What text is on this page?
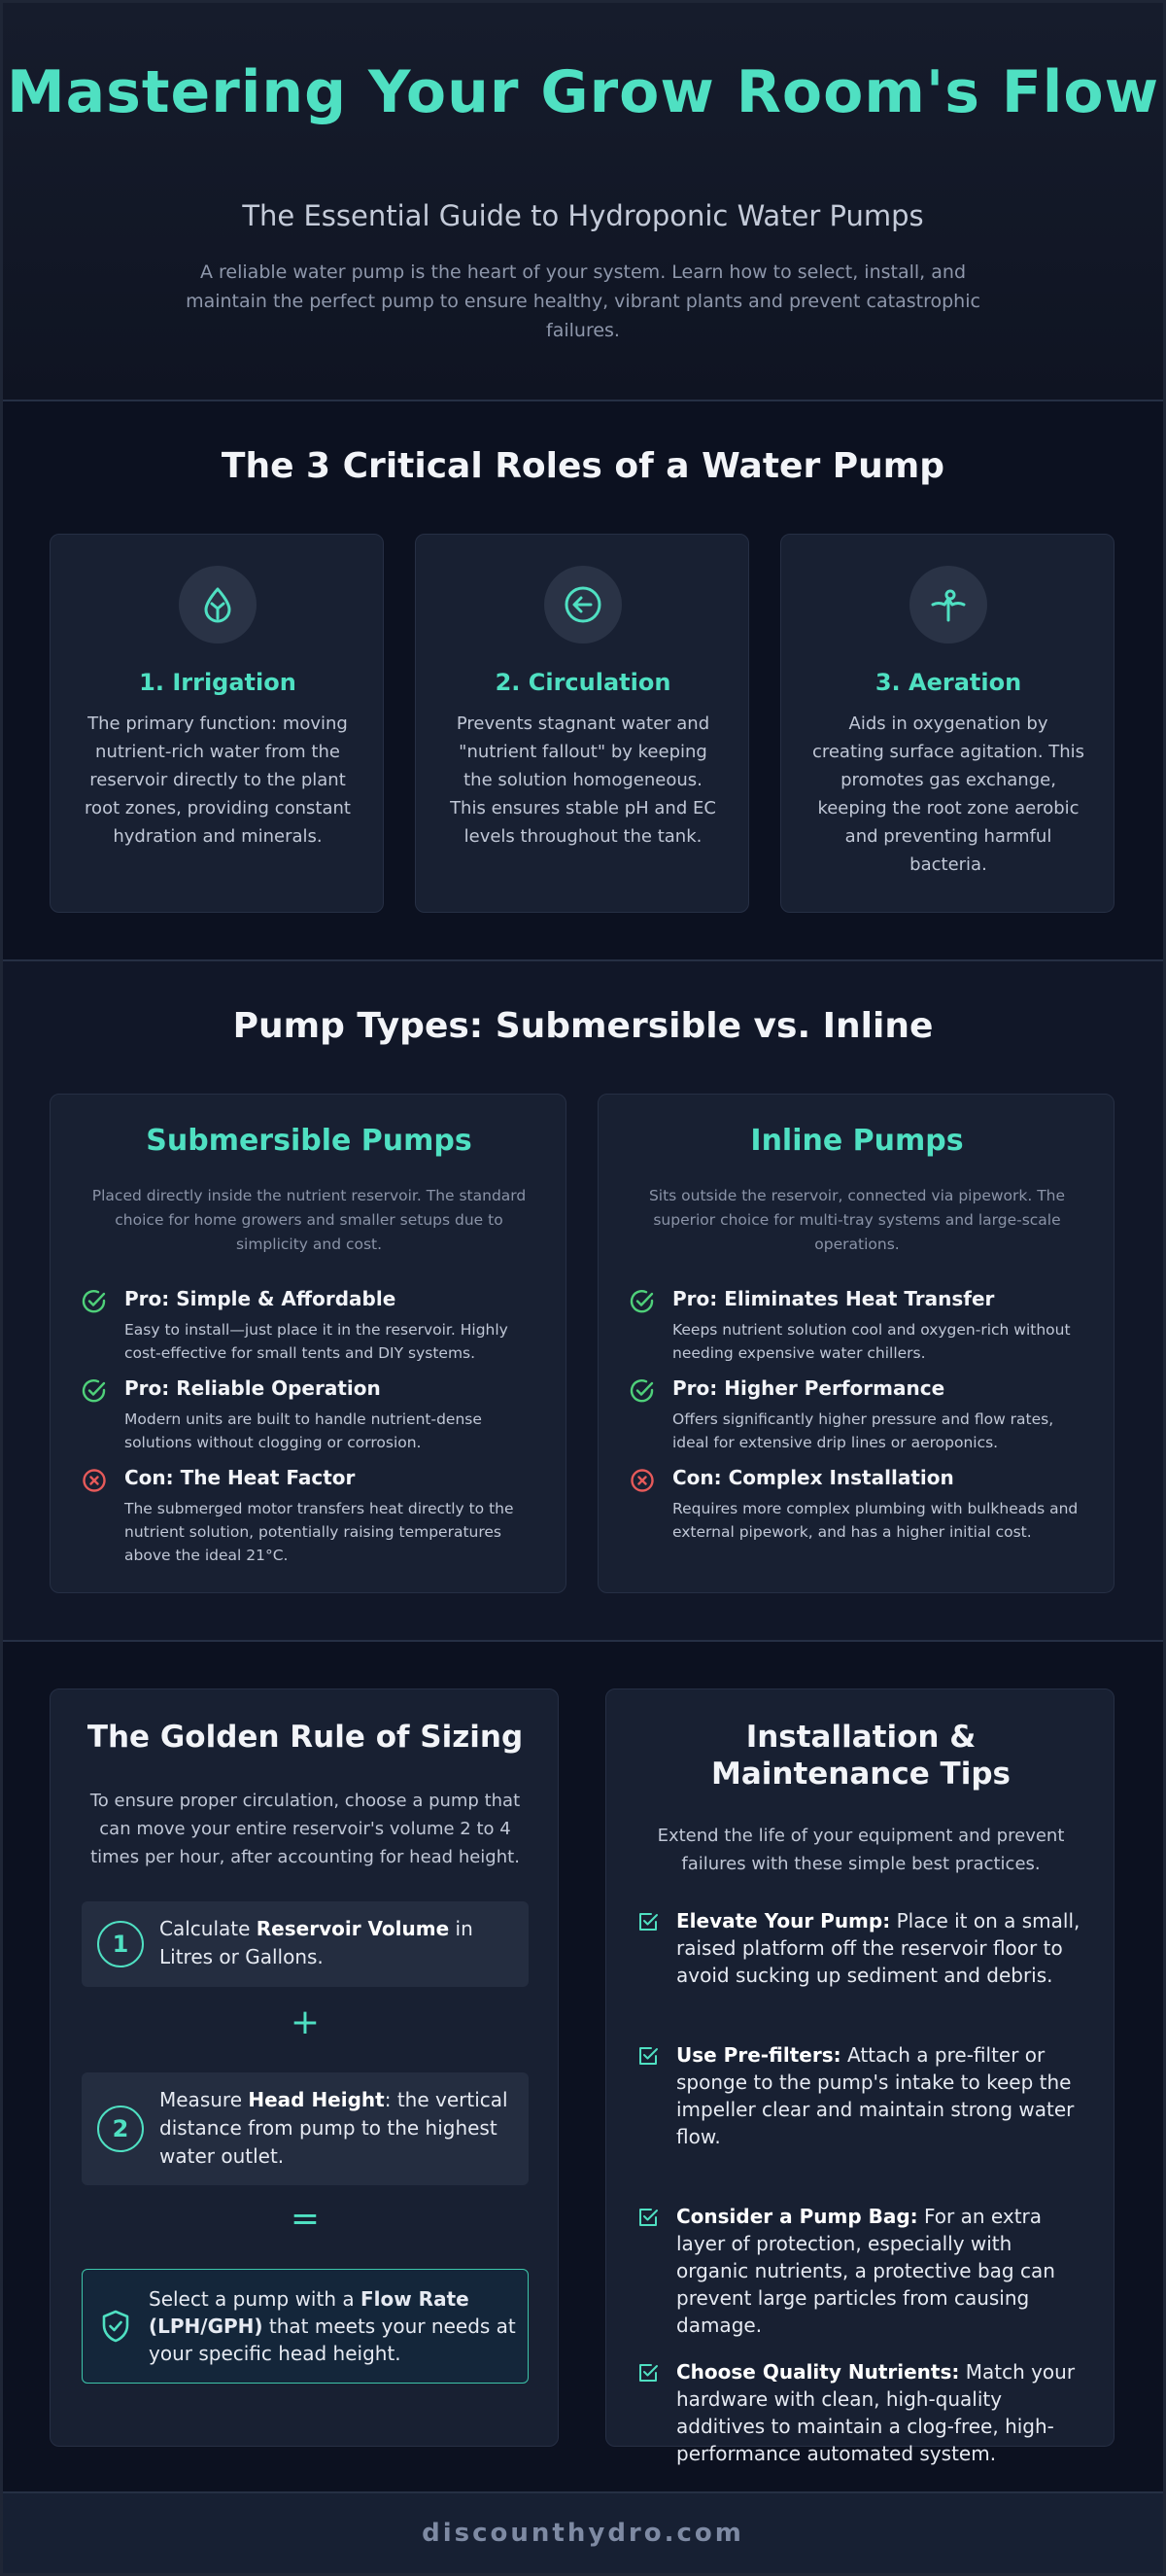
Mastering Your Grow Room's Flow
The Essential Guide to Hydroponic Water Pumps

A reliable water pump is the heart of your system. Learn how to select, install, and maintain the perfect pump to ensure healthy, vibrant plants and prevent catastrophic failures.

The 3 Critical Roles of a Water Pump
1. Irrigation

The primary function: moving nutrient-rich water from the reservoir directly to the plant root zones, providing constant hydration and minerals.

2. Circulation

Prevents stagnant water and "nutrient fallout" by keeping the solution homogeneous. This ensures stable pH and EC levels throughout the tank.

3. Aeration

Aids in oxygenation by creating surface agitation. This promotes gas exchange, keeping the root zone aerobic and preventing harmful bacteria.

Pump Types: Submersible vs. Inline
Submersible Pumps

Placed directly inside the nutrient reservoir. The standard choice for home growers and smaller setups due to simplicity and cost.

Pro: Simple & Affordable
Easy to install—just place it in the reservoir. Highly cost-effective for small tents and DIY systems.
Pro: Reliable Operation
Modern units are built to handle nutrient-dense solutions without clogging or corrosion.
Con: The Heat Factor
The submerged motor transfers heat directly to the nutrient solution, potentially raising temperatures above the ideal 21°C.
Inline Pumps

Sits outside the reservoir, connected via pipework. The superior choice for multi-tray systems and large-scale operations.

Pro: Eliminates Heat Transfer
Keeps nutrient solution cool and oxygen-rich without needing expensive water chillers.
Pro: Higher Performance
Offers significantly higher pressure and flow rates, ideal for extensive drip lines or aeroponics.
Con: Complex Installation
Requires more complex plumbing with bulkheads and external pipework, and has a higher initial cost.
The Golden Rule of Sizing

To ensure proper circulation, choose a pump that can move your entire reservoir's volume 2 to 4 times per hour, after accounting for head height.

1
Calculate Reservoir Volume in Litres or Gallons.
+
2
Measure Head Height: the vertical distance from pump to the highest water outlet.
=
Select a pump with a Flow Rate (LPH/GPH) that meets your needs at your specific head height.
Installation & Maintenance Tips

Extend the life of your equipment and prevent failures with these simple best practices.

Elevate Your Pump: Place it on a small, raised platform off the reservoir floor to avoid sucking up sediment and debris.
Use Pre-filters: Attach a pre-filter or sponge to the pump's intake to keep the impeller clear and maintain strong water flow.
Consider a Pump Bag: For an extra layer of protection, especially with organic nutrients, a protective bag can prevent large particles from causing damage.
Choose Quality Nutrients: Match your hardware with clean, high-quality additives to maintain a clog-free, high-performance automated system.
discounthydro.com
